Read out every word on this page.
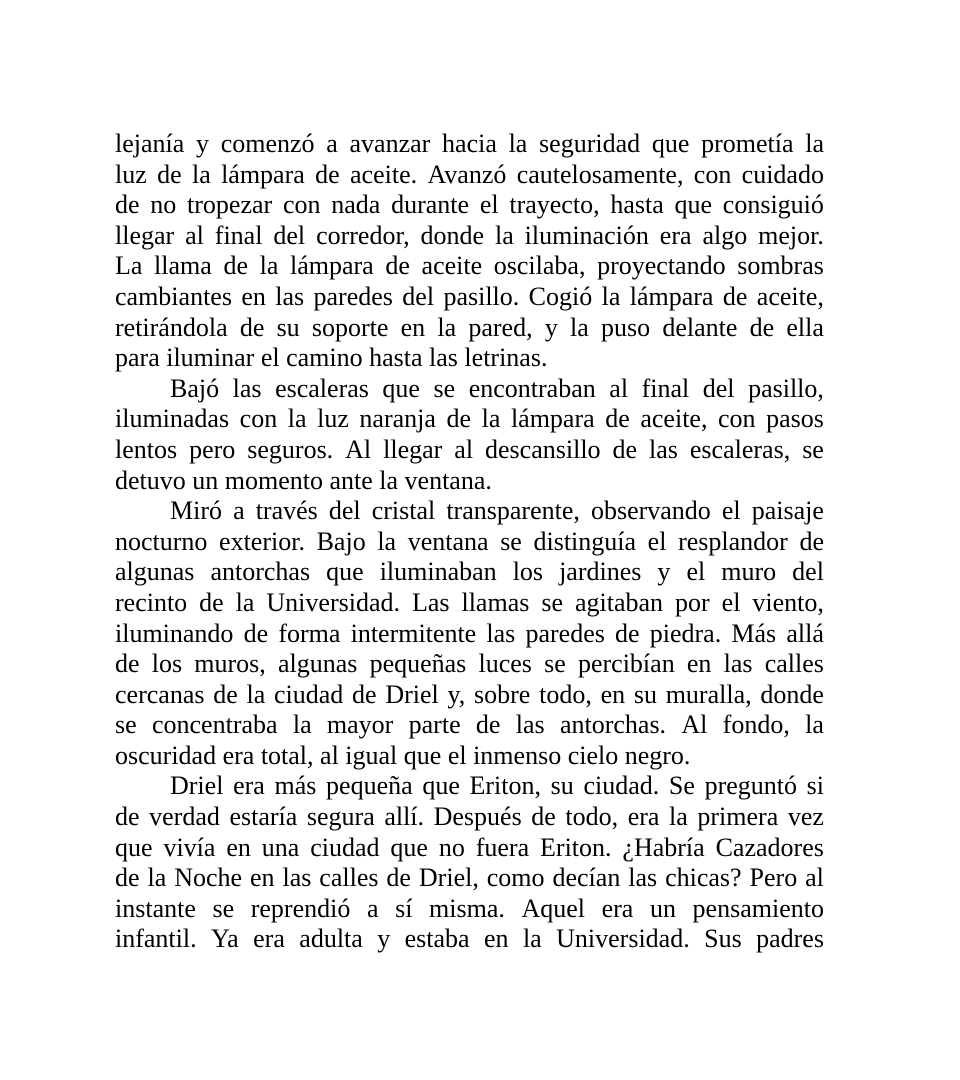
lejanía y comenzó a avanzar hacia la seguridad que prometía la
luz de la lámpara de aceite. Avanzó cautelosamente, con cuidado
de no tropezar con nada durante el trayecto, hasta que consiguió
llegar al final del corredor, donde la iluminación era algo mejor.
La llama de la lámpara de aceite oscilaba, proyectando sombras
cambiantes en las paredes del pasillo. Cogió la lámpara de aceite,
retirándola de su soporte en la pared, y la puso delante de ella
para iluminar el camino hasta las letrinas.
Bajó las escaleras que se encontraban al final del pasillo,
iluminadas con la luz naranja de la lámpara de aceite, con pasos
lentos pero seguros. Al llegar al descansillo de las escaleras, se
detuvo un momento ante la ventana.
Miró a través del cristal transparente, observando el paisaje
nocturno exterior. Bajo la ventana se distinguía el resplandor de
algunas antorchas que iluminaban los jardines y el muro del
recinto de la Universidad. Las llamas se agitaban por el viento,
iluminando de forma intermitente las paredes de piedra. Más allá
de los muros, algunas pequeñas luces se percibían en las calles
cercanas de la ciudad de Driel y, sobre todo, en su muralla, donde
se concentraba la mayor parte de las antorchas. Al fondo, la
oscuridad era total, al igual que el inmenso cielo negro.
Driel era más pequeña que Eriton, su ciudad. Se preguntó si
de verdad estaría segura allí. Después de todo, era la primera vez
que vivía en una ciudad que no fuera Eriton. ¿Habría Cazadores
de la Noche en las calles de Driel, como decían las chicas? Pero al
instante se reprendió a sí misma. Aquel era un pensamiento
infantil. Ya era adulta y estaba en la Universidad. Sus padres
